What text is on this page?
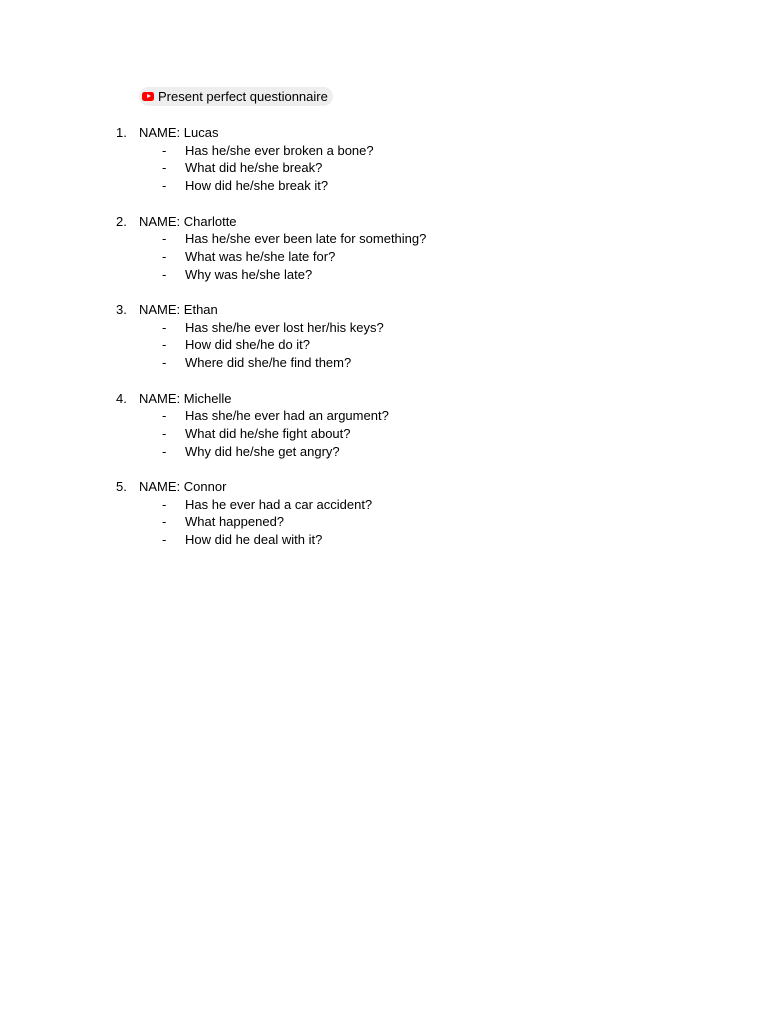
Present perfect questionnaire
1. NAME: Lucas
- Has he/she ever broken a bone?
- What did he/she break?
- How did he/she break it?
2. NAME: Charlotte
- Has he/she ever been late for something?
- What was he/she late for?
- Why was he/she late?
3. NAME: Ethan
- Has she/he ever lost her/his keys?
- How did she/he do it?
- Where did she/he find them?
4. NAME: Michelle
- Has she/he ever had an argument?
- What did he/she fight about?
- Why did he/she get angry?
5. NAME: Connor
- Has he ever had a car accident?
- What happened?
- How did he deal with it?
